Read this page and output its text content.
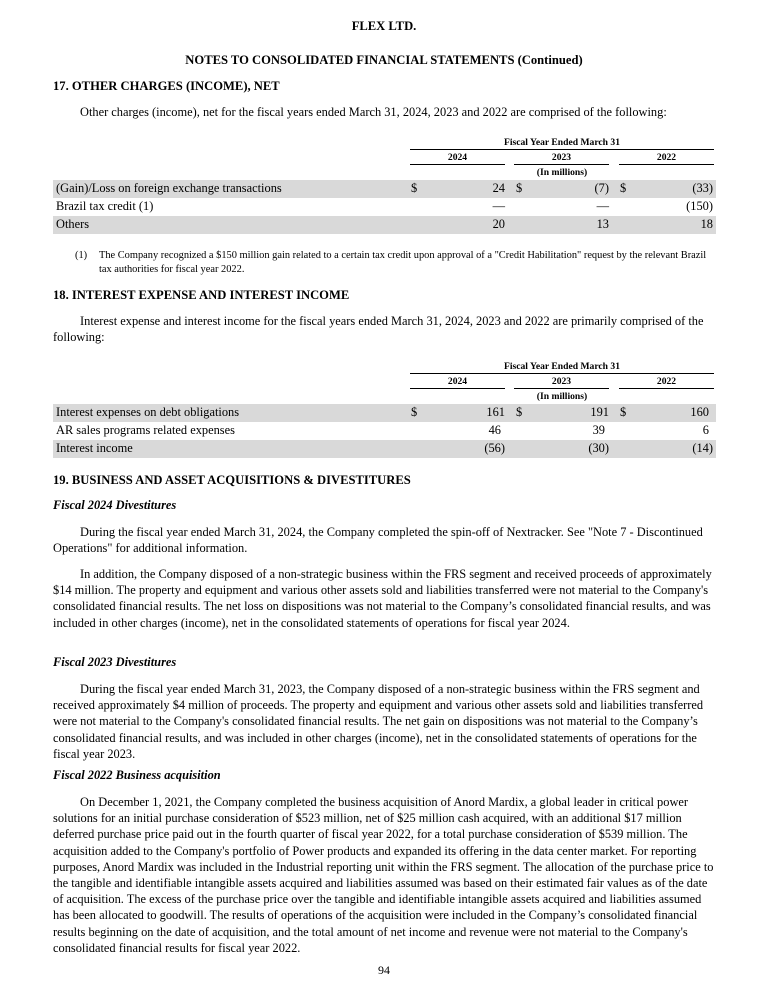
FLEX LTD.
NOTES TO CONSOLIDATED FINANCIAL STATEMENTS (Continued)
17. OTHER CHARGES (INCOME), NET

Other charges (income), net for the fiscal years ended March 31, 2024, 2023 and 2022 are comprised of the following:

Fiscal Year Ended March 31
2024	2023	2022
(In millions)
(Gain)/Loss on foreign exchange transactions	$	24 $	(7) $	(33)
Brazil tax credit (1)	—	—	(150)
Others	20	13	18
(1) The Company recognized a $150 million gain related to a certain tax credit upon approval of a "Credit Habilitation" request by the relevant Brazil tax authorities for fiscal year 2022.
18. INTEREST EXPENSE AND INTEREST INCOME

Interest expense and interest income for the fiscal years ended March 31, 2024, 2023 and 2022 are primarily comprised of the following:

Fiscal Year Ended March 31
2024	2023	2022
(In millions)
Interest expenses on debt obligations	$	161 $	191 $	160
AR sales programs related expenses	46	39	6
Interest income	(56)	(30)	(14)
19. BUSINESS AND ASSET ACQUISITIONS & DIVESTITURES
Fiscal 2024 Divestitures

During the fiscal year ended March 31, 2024, the Company completed the spin-off of Nextracker. See "Note 7 - Discontinued Operations" for additional information.

In addition, the Company disposed of a non-strategic business within the FRS segment and received proceeds of approximately $14 million. The property and equipment and various other assets sold and liabilities transferred were not material to the Company's consolidated financial results. The net loss on dispositions was not material to the Company’s consolidated financial results, and was included in other charges (income), net in the consolidated statements of operations for fiscal year 2024.

Fiscal 2023 Divestitures

During the fiscal year ended March 31, 2023, the Company disposed of a non-strategic business within the FRS segment and received approximately $4 million of proceeds. The property and equipment and various other assets sold and liabilities transferred were not material to the Company's consolidated financial results. The net gain on dispositions was not material to the Company’s consolidated financial results, and was included in other charges (income), net in the consolidated statements of operations for the fiscal year 2023.

Fiscal 2022 Business acquisition

On December 1, 2021, the Company completed the business acquisition of Anord Mardix, a global leader in critical power solutions for an initial purchase consideration of $523 million, net of $25 million cash acquired, with an additional $17 million deferred purchase price paid out in the fourth quarter of fiscal year 2022, for a total purchase consideration of $539 million. The acquisition added to the Company's portfolio of Power products and expanded its offering in the data center market. For reporting purposes, Anord Mardix was included in the Industrial reporting unit within the FRS segment. The allocation of the purchase price to the tangible and identifiable intangible assets acquired and liabilities assumed was based on their estimated fair values as of the date of acquisition. The excess of the purchase price over the tangible and identifiable intangible assets acquired and liabilities assumed has been allocated to goodwill. The results of operations of the acquisition were included in the Company’s consolidated financial results beginning on the date of acquisition, and the total amount of net income and revenue were not material to the Company's consolidated financial results for fiscal year 2022.

94
